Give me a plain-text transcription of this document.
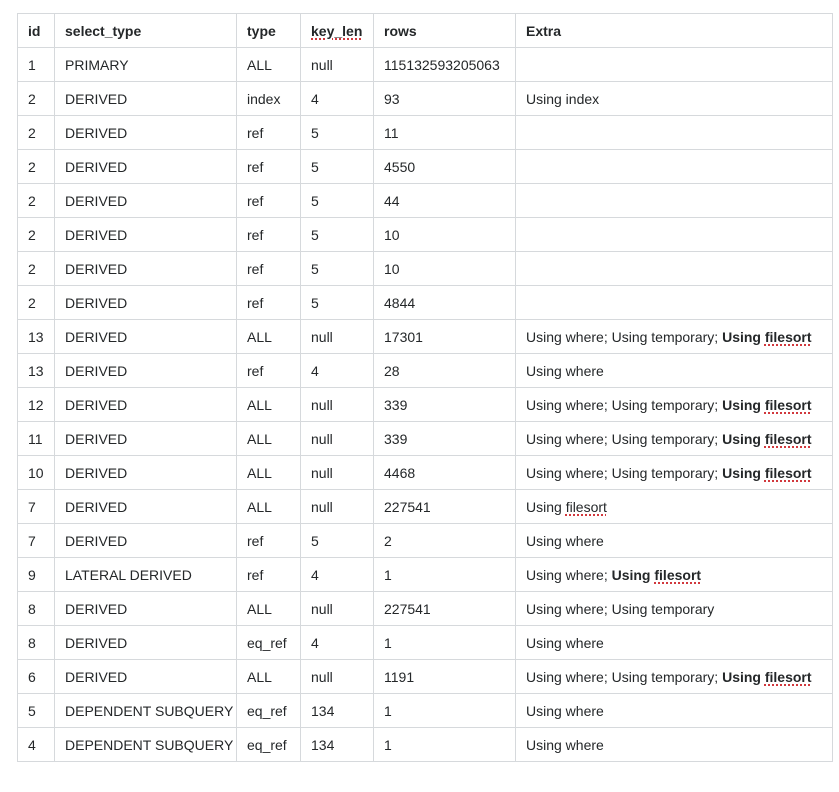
id	select_type	type	key_len	rows	Extra
1	PRIMARY	ALL	null	115132593205063	
2	DERIVED	index	4	93	Using index
2	DERIVED	ref	5	11	
2	DERIVED	ref	5	4550	
2	DERIVED	ref	5	44	
2	DERIVED	ref	5	10	
2	DERIVED	ref	5	10	
2	DERIVED	ref	5	4844	
13	DERIVED	ALL	null	17301	Using where; Using temporary; Using filesort
13	DERIVED	ref	4	28	Using where
12	DERIVED	ALL	null	339	Using where; Using temporary; Using filesort
11	DERIVED	ALL	null	339	Using where; Using temporary; Using filesort
10	DERIVED	ALL	null	4468	Using where; Using temporary; Using filesort
7	DERIVED	ALL	null	227541	Using filesort
7	DERIVED	ref	5	2	Using where
9	LATERAL DERIVED	ref	4	1	Using where; Using filesort
8	DERIVED	ALL	null	227541	Using where; Using temporary
8	DERIVED	eq_ref	4	1	Using where
6	DERIVED	ALL	null	1191	Using where; Using temporary; Using filesort
5	DEPENDENT SUBQUERY	eq_ref	134	1	Using where
4	DEPENDENT SUBQUERY	eq_ref	134	1	Using where
